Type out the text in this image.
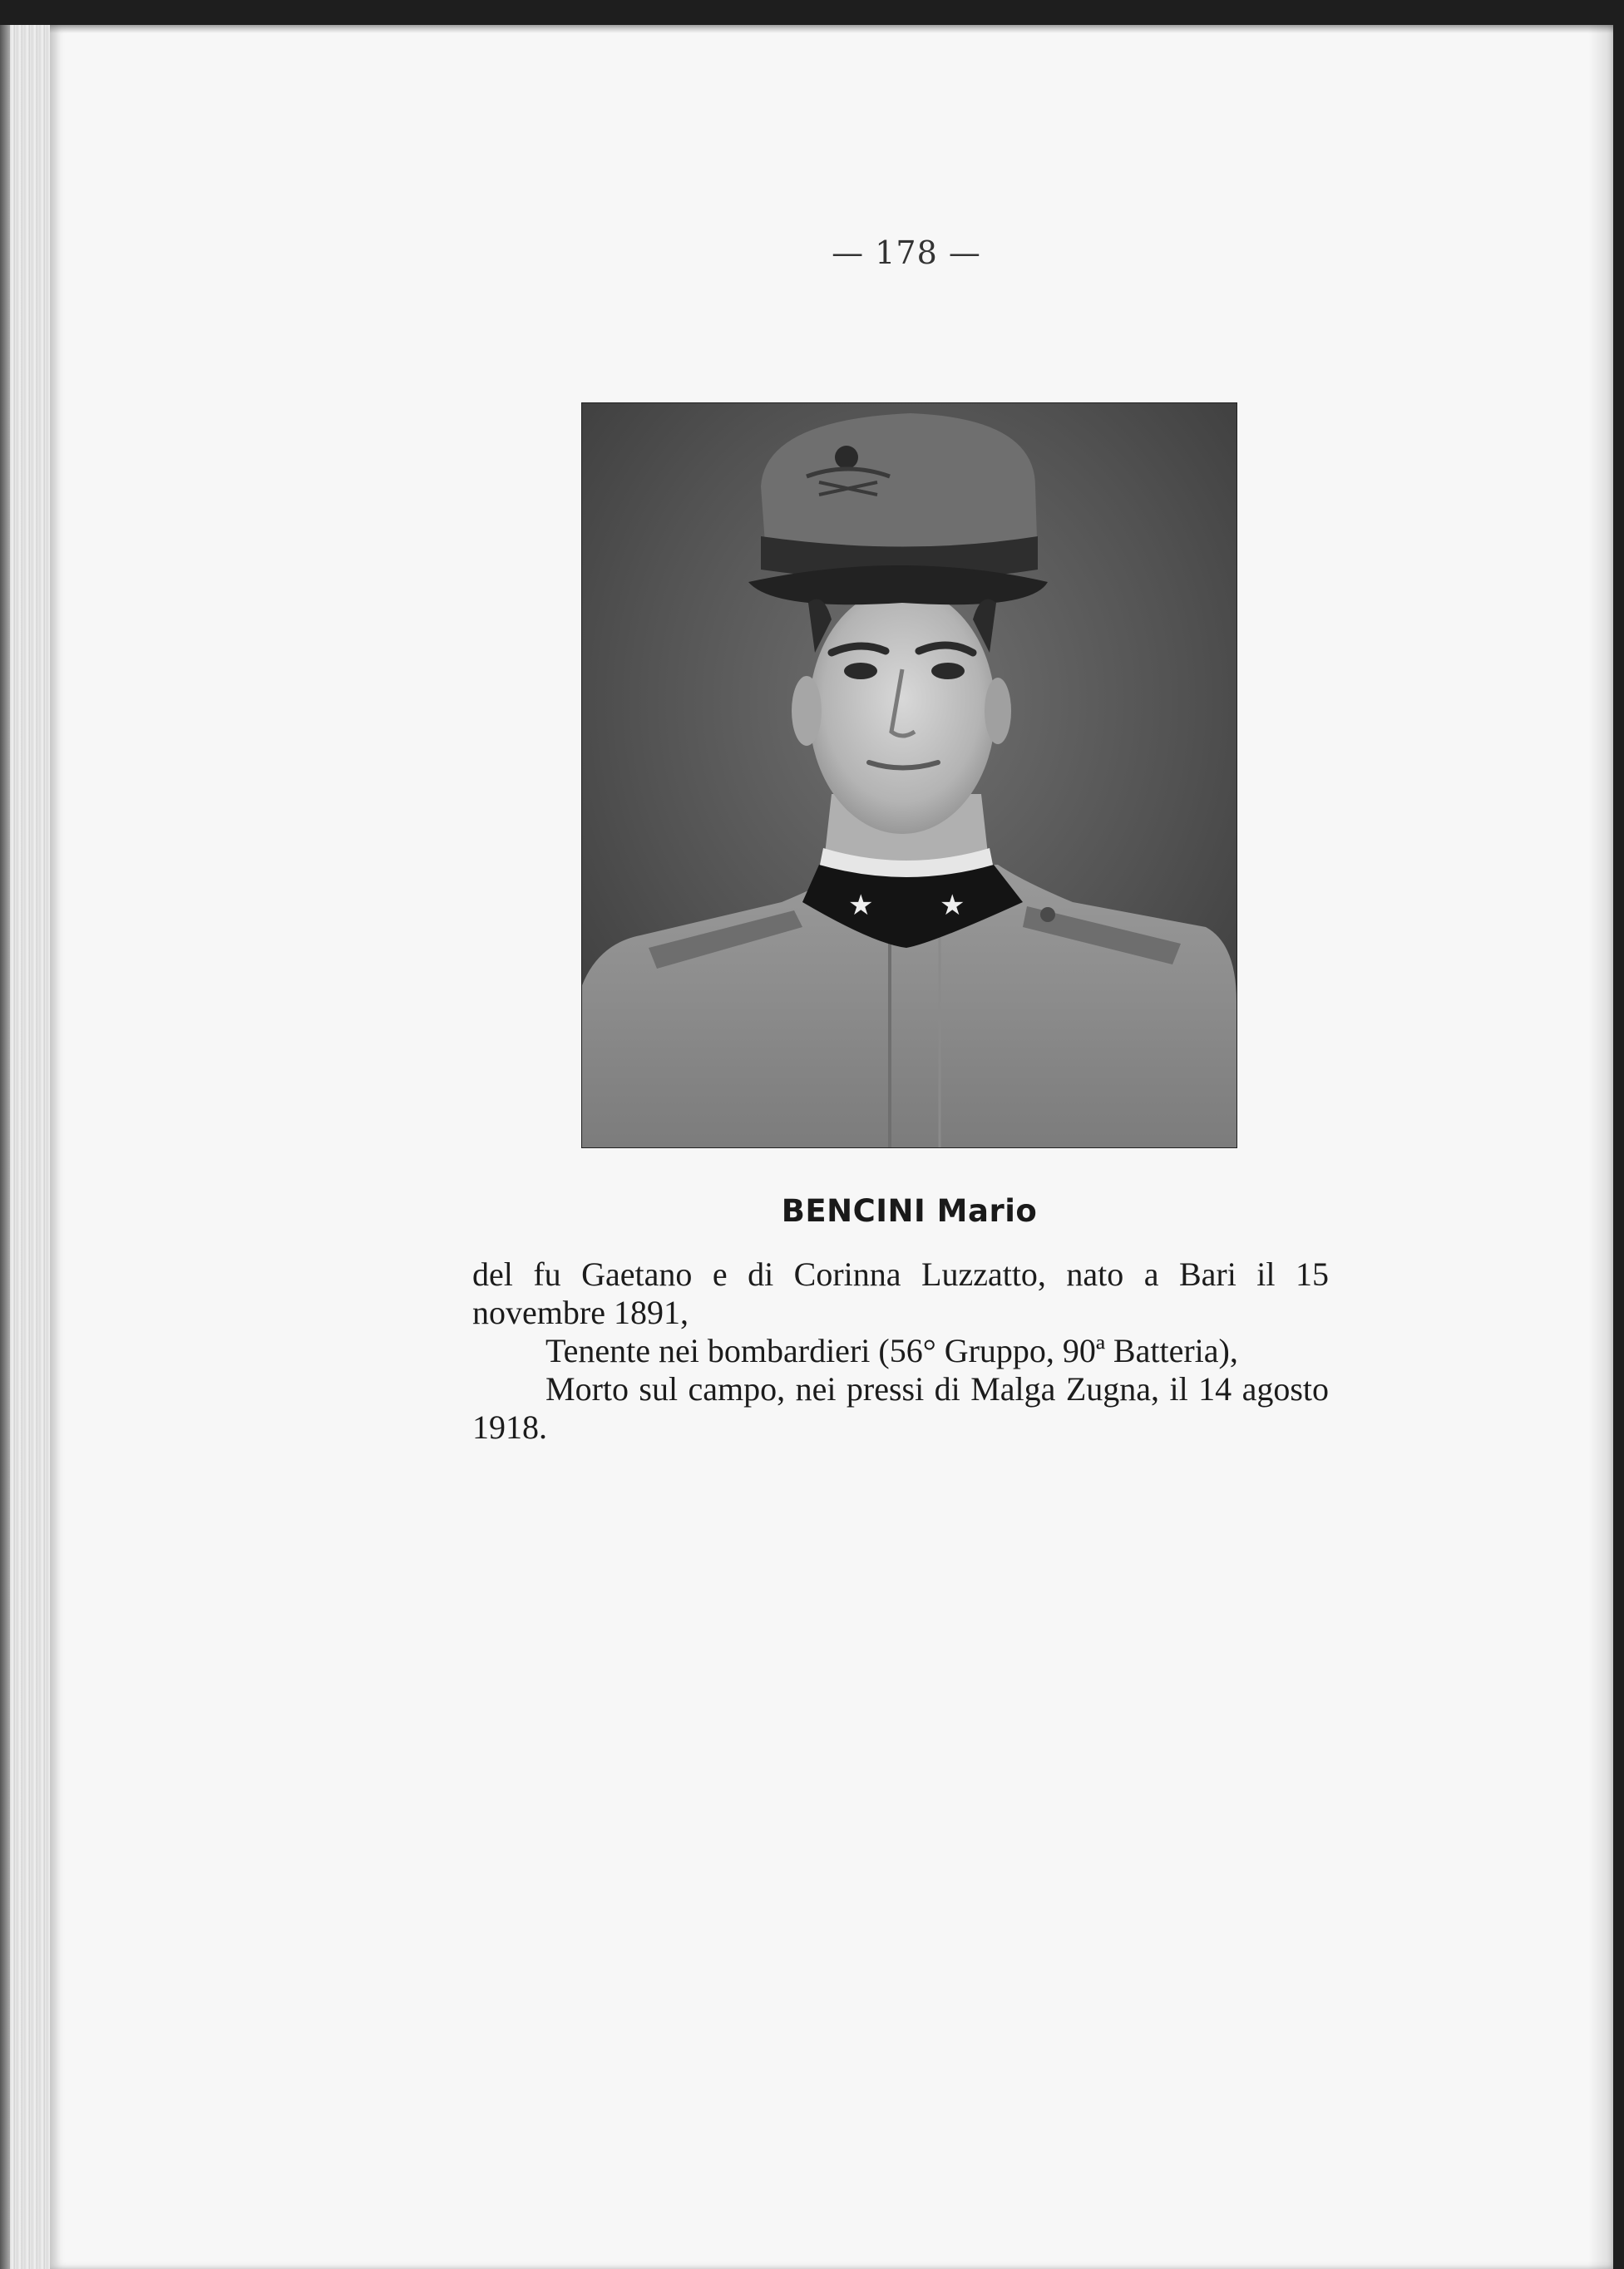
— 178 —
★ ★
BENCINI Mario

del fu Gaetano e di Corinna Luzzatto, nato a Bari il 15 novembre 1891,

Tenente nei bombardieri (56° Gruppo, 90ª Batteria),

Morto sul campo, nei pressi di Malga Zugna, il 14 agosto 1918.
